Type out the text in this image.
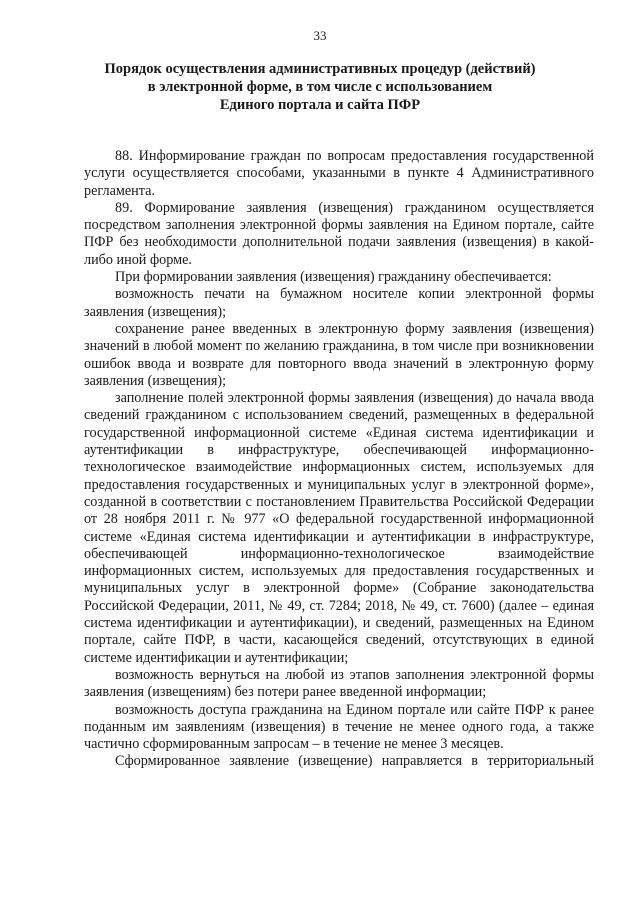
33
Порядок осуществления административных процедур (действий)
в электронной форме, в том числе с использованием
Единого портала и сайта ПФР

88. Информирование граждан по вопросам предоставления государственной услуги осуществляется способами, указанными в пункте 4 Административного регламента.

89. Формирование заявления (извещения) гражданином осуществляется посредством заполнения электронной формы заявления на Едином портале, сайте ПФР без необходимости дополнительной подачи заявления (извещения) в какой-либо иной форме.

При формировании заявления (извещения) гражданину обеспечивается:

возможность печати на бумажном носителе копии электронной формы заявления (извещения);

сохранение ранее введенных в электронную форму заявления (извещения) значений в любой момент по желанию гражданина, в том числе при возникновении ошибок ввода и возврате для повторного ввода значений в электронную форму заявления (извещения);

заполнение полей электронной формы заявления (извещения) до начала ввода сведений гражданином с использованием сведений, размещенных в федеральной государственной информационной системе «Единая система идентификации и аутентификации в инфраструктуре, обеспечивающей информационно-технологическое взаимодействие информационных систем, используемых для предоставления государственных и муниципальных услуг в электронной форме», созданной в соответствии с постановлением Правительства Российской Федерации от 28 ноября 2011 г. № 977 «О федеральной государственной информационной системе «Единая система идентификации и аутентификации в инфраструктуре, обеспечивающей информационно-технологическое взаимодействие информационных систем, используемых для предоставления государственных и муниципальных услуг в электронной форме» (Собрание законодательства Российской Федерации, 2011, № 49, ст. 7284; 2018, № 49, ст. 7600) (далее – единая система идентификации и аутентификации), и сведений, размещенных на Едином портале, сайте ПФР, в части, касающейся сведений, отсутствующих в единой системе идентификации и аутентификации;

возможность вернуться на любой из этапов заполнения электронной формы заявления (извещениям) без потери ранее введенной информации;

возможность доступа гражданина на Едином портале или сайте ПФР к ранее поданным им заявлениям (извещения) в течение не менее одного года, а также частично сформированным запросам – в течение не менее 3 месяцев.

Сформированное заявление (извещение) направляется в территориальный
